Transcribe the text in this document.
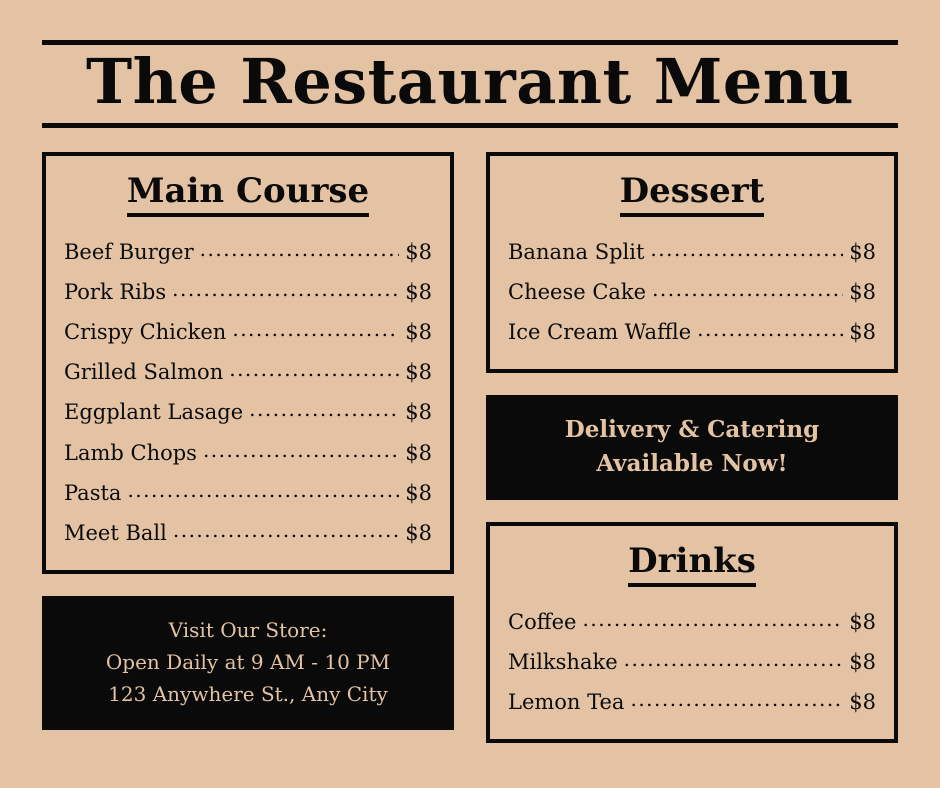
The Restaurant Menu
Main Course
Beef Burger .....	$8
Pork Ribs .....	$8
Crispy Chicken .....	$8
Grilled Salmon .....	$8
Eggplant Lasage .....	$8
Lamb Chops .....	$8
Pasta .....	$8
Meet Ball .....	$8
Visit Our Store:
Open Daily at 9 AM - 10 PM
123 Anywhere St., Any City
Dessert
Banana Split .....	$8
Cheese Cake .....	$8
Ice Cream Waffle .....	$8
Delivery & Catering
Available Now!
Drinks
Coffee .....	$8
Milkshake .....	$8
Lemon Tea .....	$8
